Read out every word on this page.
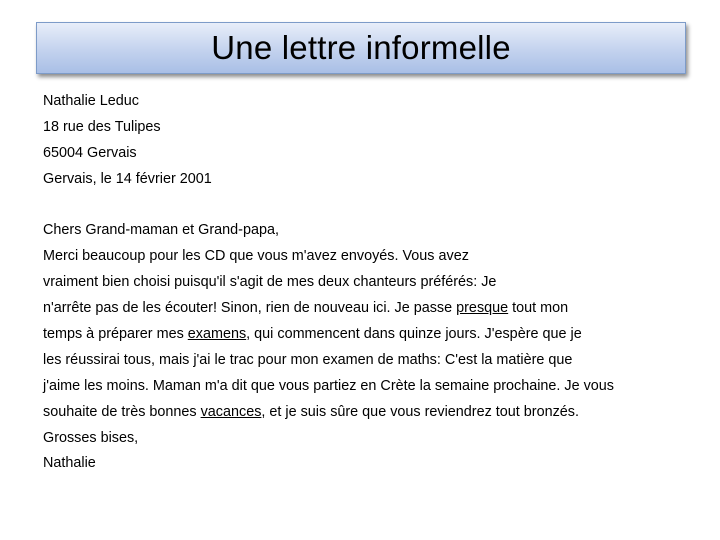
Une lettre informelle
Nathalie Leduc
18 rue des Tulipes
65004 Gervais
Gervais, le 14 février 2001
Chers Grand-maman et Grand-papa,
Merci beaucoup pour les CD que vous m'avez envoyés. Vous avez
vraiment bien choisi puisqu'il s'agit de mes deux chanteurs préférés: Je
n'arrête pas de les écouter! Sinon, rien de nouveau ici. Je passe presque tout mon
temps à préparer mes examens, qui commencent dans quinze jours. J'espère que je
les réussirai tous, mais j'ai le trac pour mon examen de maths: C'est la matière que
j'aime les moins. Maman m'a dit que vous partiez en Crète la semaine prochaine. Je vous
souhaite de très bonnes vacances, et je suis sûre que vous reviendrez tout bronzés.
Grosses bises,
Nathalie
